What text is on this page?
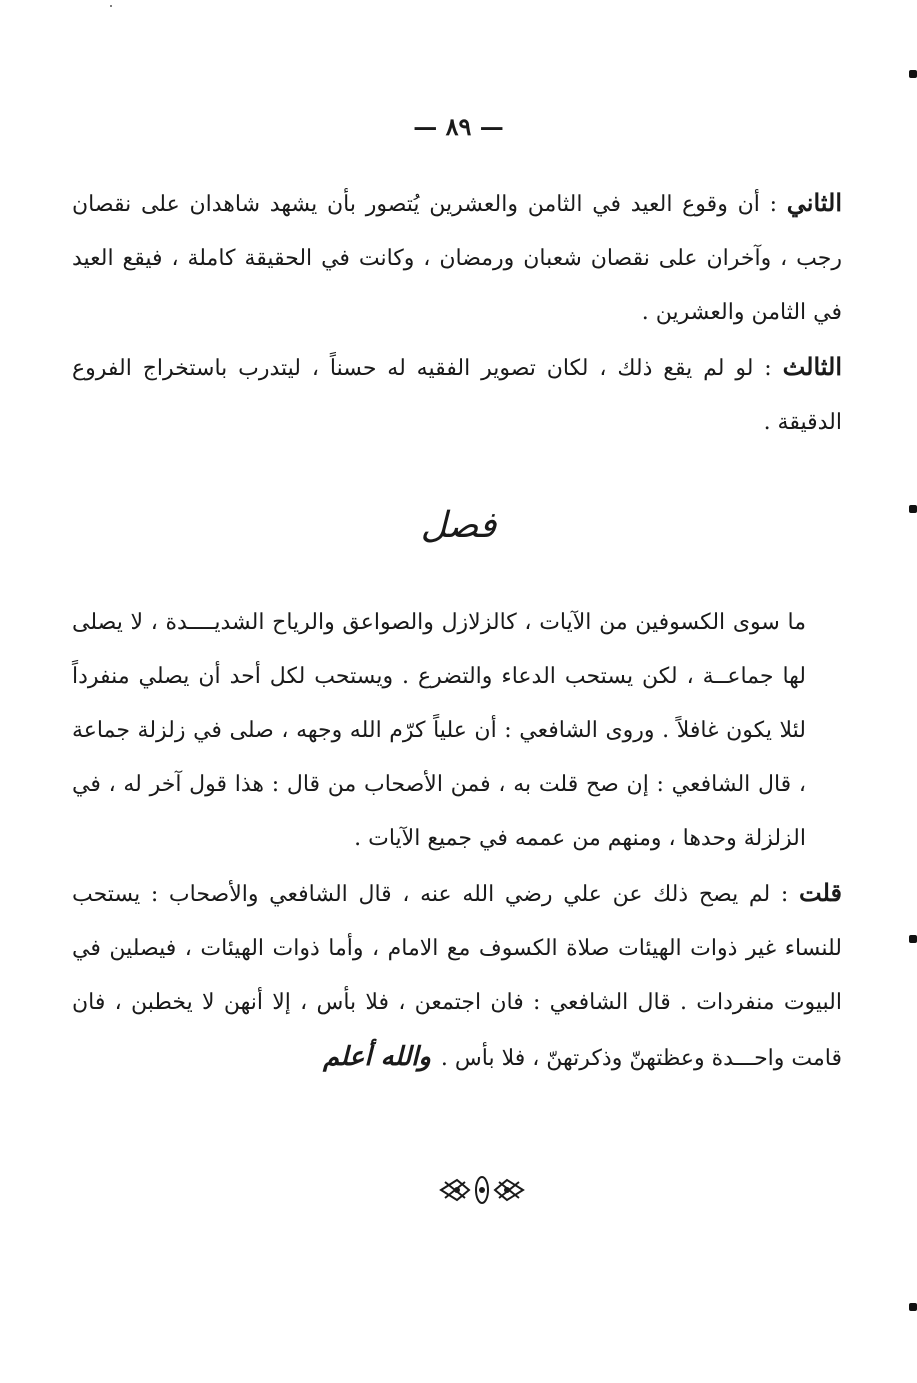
— ٨٩ —

الثاني : أن وقوع العيد في الثامن والعشرين يُتصور بأن يشهد شاهدان على نقصان رجب ، وآخران على نقصان شعبان ورمضان ، وكانت في الحقيقة كاملة ، فيقع العيد في الثامن والعشرين .

الثالث : لو لم يقع ذلك ، لكان تصوير الفقيه له حسناً ، ليتدرب باستخراج الفروع الدقيقة .

فصل

ما سوى الكسوفين من الآيات ، كالزلازل والصواعق والرياح الشديــــدة ، لا يصلى لها جماعــة ، لكن يستحب الدعاء والتضرع . ويستحب لكل أحد أن يصلي منفرداً لئلا يكون غافلاً . وروى الشافعي : أن علياً كرّم الله وجهه ، صلى في زلزلة جماعة ، قال الشافعي : إن صح قلت به ، فمن الأصحاب من قال : هذا قول آخر له ، في الزلزلة وحدها ، ومنهم من عممه في جميع الآيات .

قلت : لم يصح ذلك عن علي رضي الله عنه ، قال الشافعي والأصحاب : يستحب للنساء غير ذوات الهيئات صلاة الكسوف مع الامام ، وأما ذوات الهيئات ، فيصلين في البيوت منفردات . قال الشافعي : فان اجتمعن ، فلا بأس ، إلا أنهن لا يخطبن ، فان قامت واحـــدة وعظتهنّ وذكرتهنّ ، فلا بأس .والله أعلم
